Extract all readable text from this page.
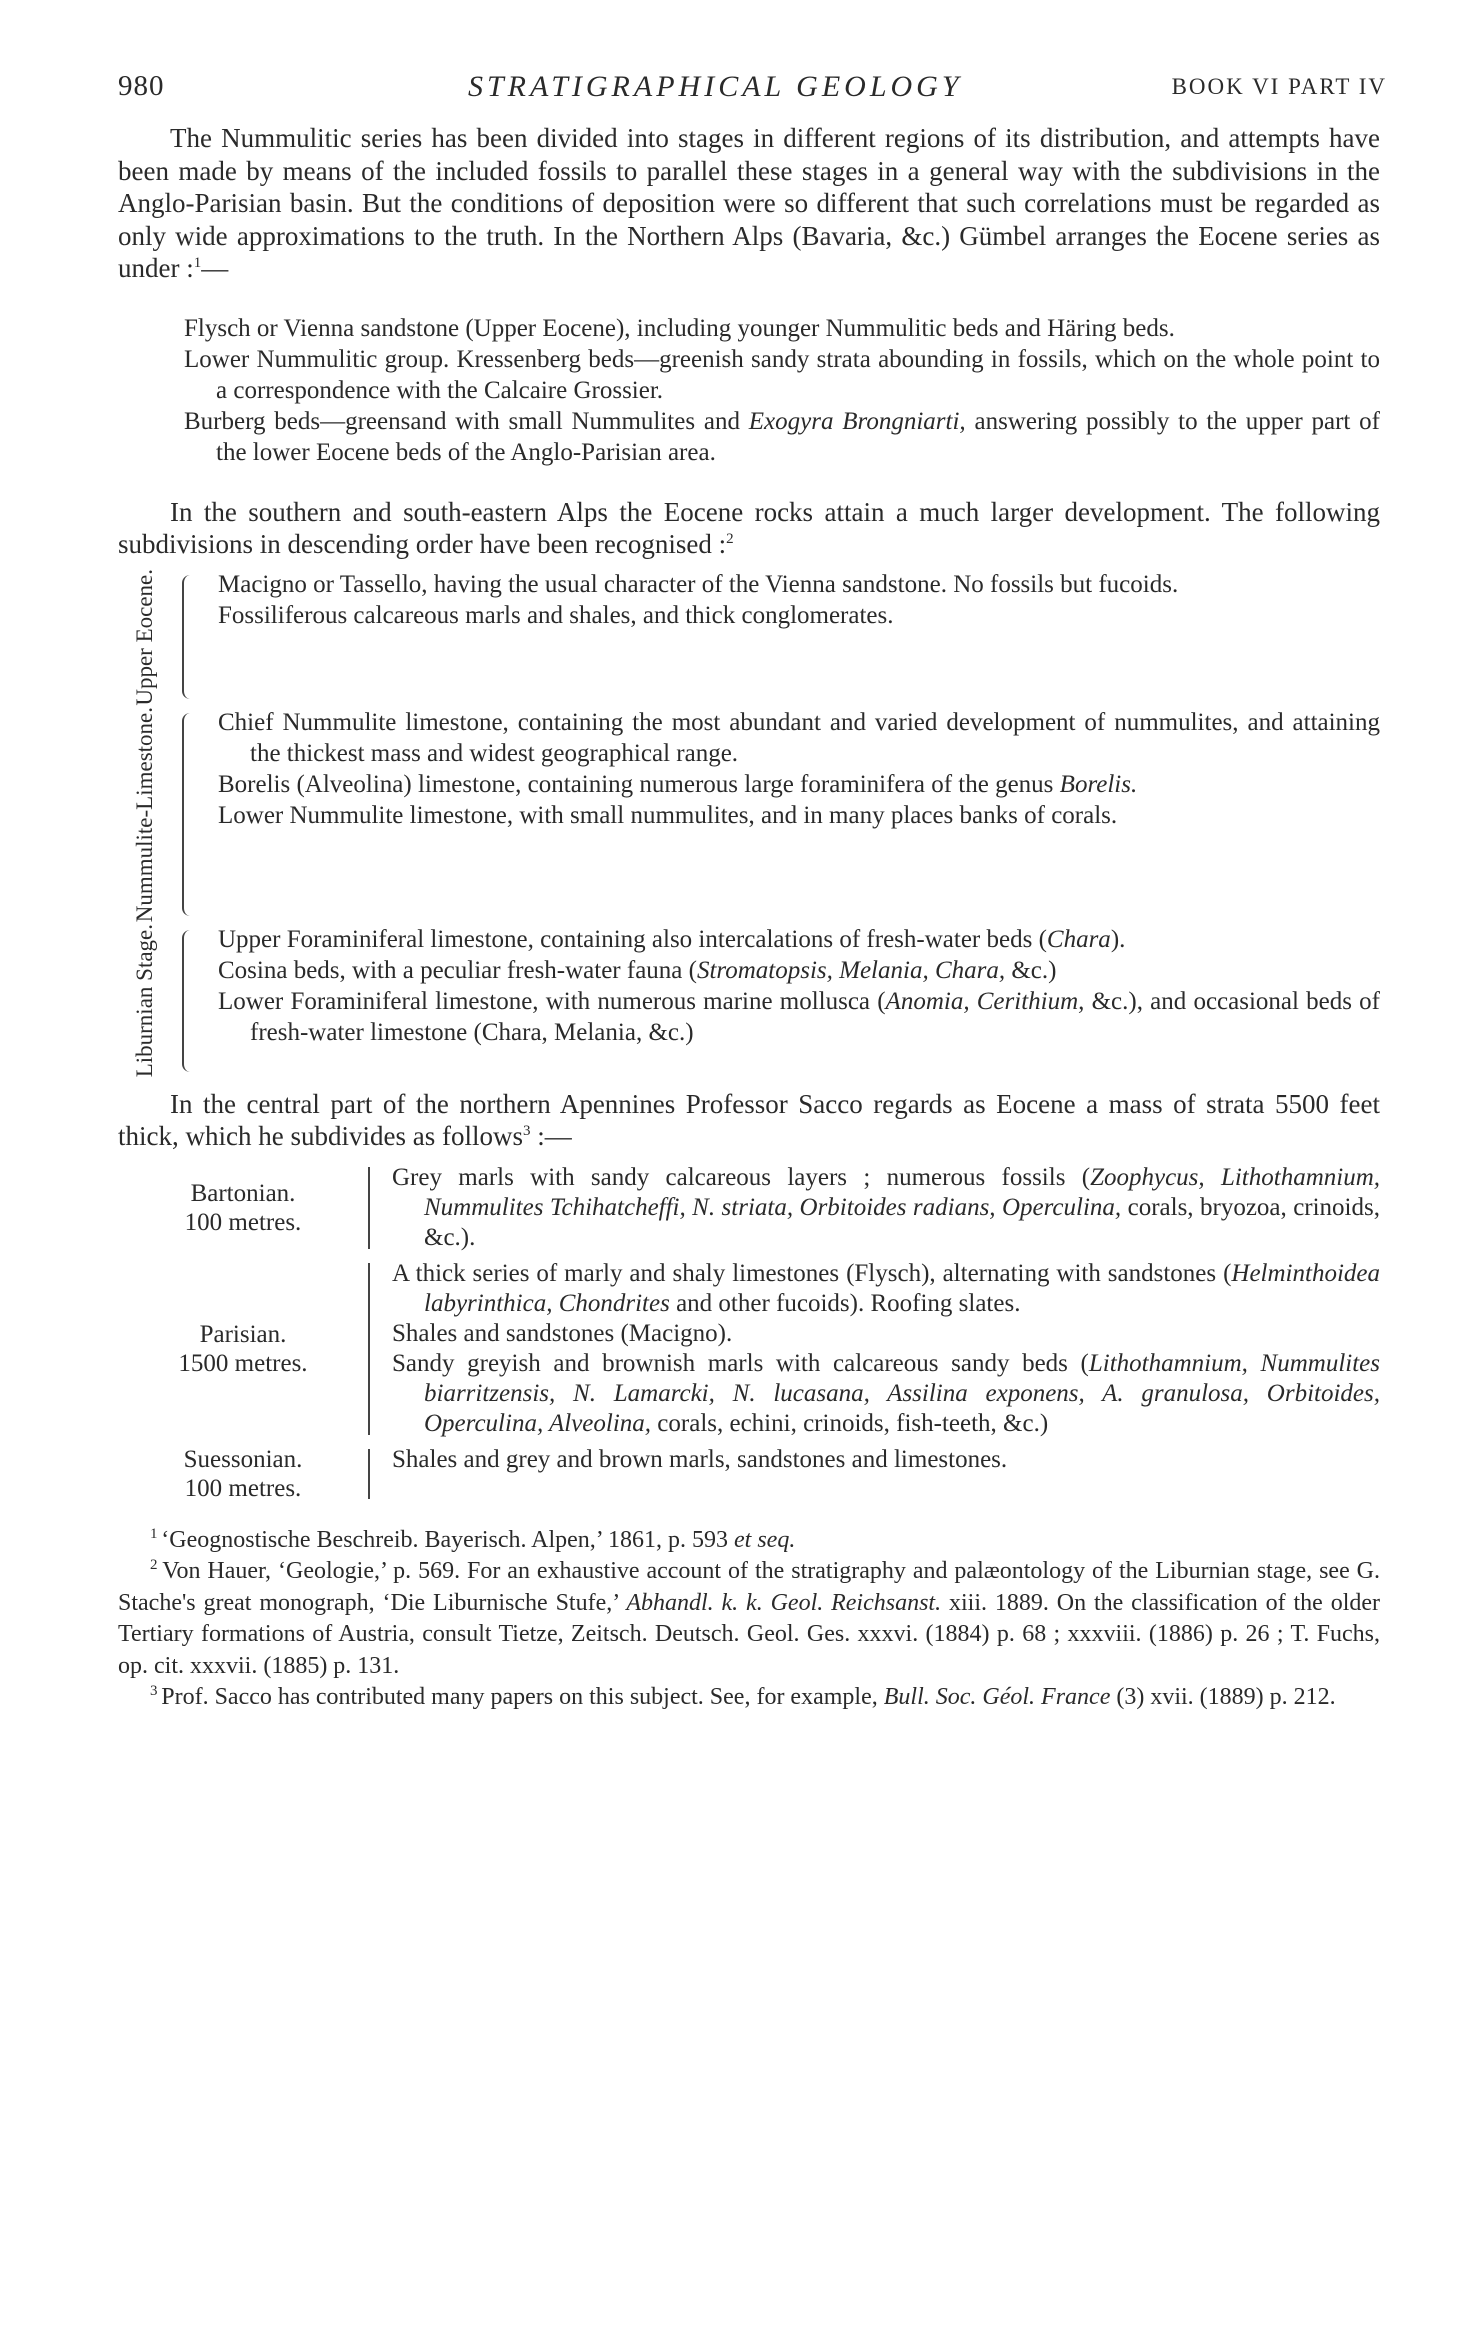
980	STRATIGRAPHICAL GEOLOGY	BOOK VI PART IV

The Nummulitic series has been divided into stages in different regions of its distribution, and attempts have been made by means of the included fossils to parallel these stages in a general way with the subdivisions in the Anglo-Parisian basin. But the conditions of deposition were so different that such correlations must be regarded as only wide approximations to the truth. In the Northern Alps (Bavaria, &c.) Gümbel arranges the Eocene series as under :$^1$—

Flysch or Vienna sandstone (Upper Eocene), including younger Nummulitic beds and Häring beds.
Lower Nummulitic group. Kressenberg beds—greenish sandy strata abounding in fossils, which on the whole point to a correspondence with the Calcaire Grossier.
Burberg beds—greensand with small Nummulites and Exogyra Brongniarti, answering possibly to the upper part of the lower Eocene beds of the Anglo-Parisian area.

In the southern and south-eastern Alps the Eocene rocks attain a much larger development. The following subdivisions in descending order have been recognised :$^2$

Upper Eocene. Macigno or Tassello, having the usual character of the Vienna sandstone. No fossils but fucoids.
Fossiliferous calcareous marls and shales, and thick conglomerates.
Nummulite-Limestone. Chief Nummulite limestone, containing the most abundant and varied development of nummulites, and attaining the thickest mass and widest geographical range.
Borelis (Alveolina) limestone, containing numerous large foraminifera of the genus Borelis.
Lower Nummulite limestone, with small nummulites, and in many places banks of corals.
Liburnian Stage. Upper Foraminiferal limestone, containing also intercalations of fresh-water beds (Chara).
Cosina beds, with a peculiar fresh-water fauna (Stromatopsis, Melania, Chara, &c.)
Lower Foraminiferal limestone, with numerous marine mollusca (Anomia, Cerithium, &c.), and occasional beds of fresh-water limestone (Chara, Melania, &c.)

In the central part of the northern Apennines Professor Sacco regards as Eocene a mass of strata 5500 feet thick, which he subdivides as follows$^3$ :—

Bartonian.
100 metres.
Grey marls with sandy calcareous layers ; numerous fossils (Zoophycus, Lithothamnium, Nummulites Tchihatcheffi, N. striata, Orbitoides radians, Operculina, corals, bryozoa, crinoids, &c.).
Parisian.
1500 metres.
A thick series of marly and shaly limestones (Flysch), alternating with sandstones (Helminthoidea labyrinthica, Chondrites and other fucoids). Roofing slates.
Shales and sandstones (Macigno).
Sandy greyish and brownish marls with calcareous sandy beds (Lithothamnium, Nummulites biarritzensis, N. Lamarcki, N. lucasana, Assilina exponens, A. granulosa, Orbitoides, Operculina, Alveolina, corals, echini, crinoids, fish-teeth, &c.)
Suessonian.
100 metres.
Shales and grey and brown marls, sandstones and limestones.
$^1$ ‘Geognostische Beschreib. Bayerisch. Alpen,’ 1861, p. 593 et seq.
$^2$ Von Hauer, ‘Geologie,’ p. 569. For an exhaustive account of the stratigraphy and palæontology of the Liburnian stage, see G. Stache's great monograph, ‘Die Liburnische Stufe,’ Abhandl. k. k. Geol. Reichsanst. xiii. 1889. On the classification of the older Tertiary formations of Austria, consult Tietze, Zeitsch. Deutsch. Geol. Ges. xxxvi. (1884) p. 68 ; xxxviii. (1886) p. 26 ; T. Fuchs, op. cit. xxxvii. (1885) p. 131.
$^3$ Prof. Sacco has contributed many papers on this subject. See, for example, Bull. Soc. Géol. France (3) xvii. (1889) p. 212.
